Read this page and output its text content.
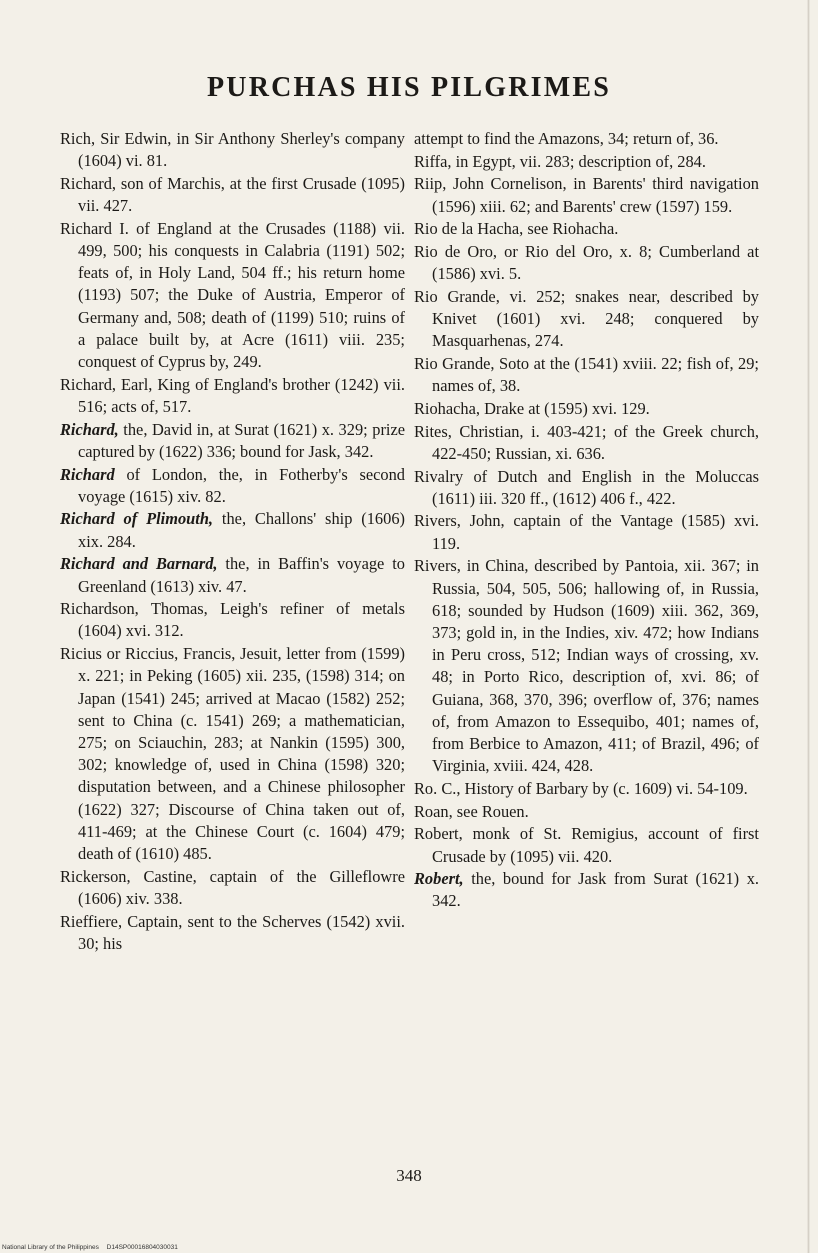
PURCHAS HIS PILGRIMES

Rich, Sir Edwin, in Sir Anthony Sherley's company (1604) vi. 81.

Richard, son of Marchis, at the first Crusade (1095) vii. 427.

Richard I. of England at the Crusades (1188) vii. 499, 500; his conquests in Calabria (1191) 502; feats of, in Holy Land, 504 ff.; his return home (1193) 507; the Duke of Austria, Emperor of Germany and, 508; death of (1199) 510; ruins of a palace built by, at Acre (1611) viii. 235; conquest of Cyprus by, 249.

Richard, Earl, King of England's brother (1242) vii. 516; acts of, 517.

Richard, the, David in, at Surat (1621) x. 329; prize captured by (1622) 336; bound for Jask, 342.

Richard of London, the, in Fotherby's second voyage (1615) xiv. 82.

Richard of Plimouth, the, Challons' ship (1606) xix. 284.

Richard and Barnard, the, in Baffin's voyage to Greenland (1613) xiv. 47.

Richardson, Thomas, Leigh's refiner of metals (1604) xvi. 312.

Ricius or Riccius, Francis, Jesuit, letter from (1599) x. 221; in Peking (1605) xii. 235, (1598) 314; on Japan (1541) 245; arrived at Macao (1582) 252; sent to China (c. 1541) 269; a mathematician, 275; on Sciauchin, 283; at Nankin (1595) 300, 302; knowledge of, used in China (1598) 320; disputation between, and a Chinese philosopher (1622) 327; Discourse of China taken out of, 411-469; at the Chinese Court (c. 1604) 479; death of (1610) 485.

Rickerson, Castine, captain of the Gilleflowre (1606) xiv. 338.

Rieffiere, Captain, sent to the Scherves (1542) xvii. 30; his

attempt to find the Amazons, 34; return of, 36.

Riffa, in Egypt, vii. 283; description of, 284.

Riip, John Cornelison, in Barents' third navigation (1596) xiii. 62; and Barents' crew (1597) 159.

Rio de la Hacha, see Riohacha.

Rio de Oro, or Rio del Oro, x. 8; Cumberland at (1586) xvi. 5.

Rio Grande, vi. 252; snakes near, described by Knivet (1601) xvi. 248; conquered by Masquarhenas, 274.

Rio Grande, Soto at the (1541) xviii. 22; fish of, 29; names of, 38.

Riohacha, Drake at (1595) xvi. 129.

Rites, Christian, i. 403-421; of the Greek church, 422-450; Russian, xi. 636.

Rivalry of Dutch and English in the Moluccas (1611) iii. 320 ff., (1612) 406 f., 422.

Rivers, John, captain of the Vantage (1585) xvi. 119.

Rivers, in China, described by Pantoia, xii. 367; in Russia, 504, 505, 506; hallowing of, in Russia, 618; sounded by Hudson (1609) xiii. 362, 369, 373; gold in, in the Indies, xiv. 472; how Indians in Peru cross, 512; Indian ways of crossing, xv. 48; in Porto Rico, description of, xvi. 86; of Guiana, 368, 370, 396; overflow of, 376; names of, from Amazon to Essequibo, 401; names of, from Berbice to Amazon, 411; of Brazil, 496; of Virginia, xviii. 424, 428.

Ro. C., History of Barbary by (c. 1609) vi. 54-109.

Roan, see Rouen.

Robert, monk of St. Remigius, account of first Crusade by (1095) vii. 420.

Robert, the, bound for Jask from Surat (1621) x. 342.

348
National Library of the Philippines D14SP00016804030031
